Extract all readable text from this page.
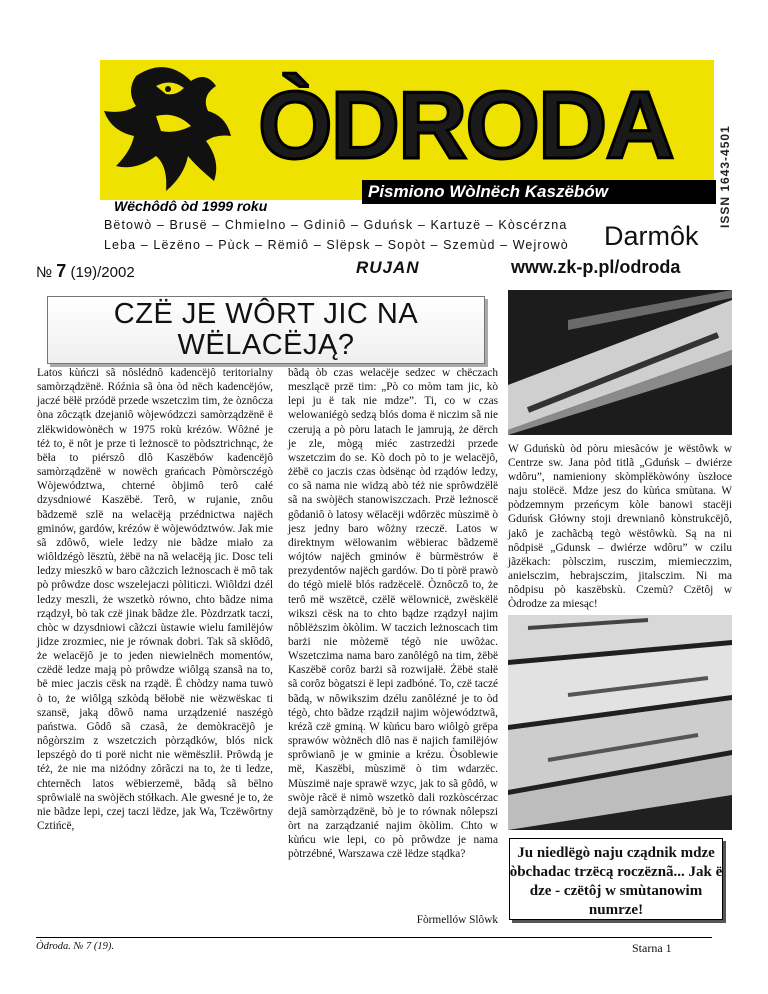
ÒDRODA	ISSN 1643-4501
Pismiono Wòlnëch Kaszëbów
Wëchôdô òd 1999 roku
Bëtowò – Brusë – Chmielno – Gdiniô – Gduńsk – Kartuzë – Kòscérzna
Leba – Lëzëno – Pùck – Rëmiô – Slëpsk – Sopòt – Szemùd – Wejrowò Darmôk
№ 7 (19)/2002	RUJAN	www.zk-p.pl/odroda
CZË JE WÔRT JIC NA
WËLACËJĄ?

Latos kùńczi sã nôslédnô kadencëjô teritorialny samòrządzënë. Róźnia sã òna òd nëch kadencëjów, jaczé bëłë przódë przede wszetczim tim, że òznôcza òna zôczątk dzejaniô wòjewódzczi samòrządzënë ë zlëkwidowònëch w 1975 rokù krézów. Wôżné je téż to, ë nôt je prze ti leżnoscë to pòdsztrichnąc, że bëła to piérszô dlô Kaszëbów kadencëjô samòrządzënë w nowëch grańcach Pòmòrsczégò Wòjewództwa, chterné òbjimô terô całé dzysdniowé Kaszëbë. Terô, w rujanie, znôu bãdzemë szlë na welacëją przédnictwa najëch gminów, gardów, krézów ë wòjewództwów. Jak mie sã zdôwô, wiele ledzy nie bãdze miało za wiôldzégò lësztù, żëbë na nã welacëją jic. Dosc teli ledzy mieszkô w baro cãżczich leżnoscach ë mô tak pò prôwdze dosc wszelejaczi pòliticzi. Wiôldzi dzél ledzy meszli, że wszetkò równo, chto bãdze nima rządzył, bò tak czë jinak bãdze żle. Pòzdrzatk taczi, chòc w dzysdniowi cãżczi ùstawie wielu familëjów jidze zrozmiec, nie je równak dobri. Tak sã skłôdô, że welacëjô je to jeden niewielnëch momentów, czëdë ledze mają pò prôwdze wiôlgą szansã na to, bë miec jaczis cësk na rządë. Ë chòdzy nama tuwò ò to, że wiôlgą szkòdą bëłobë nie wëzwëskac ti szansë, jaką dôwô nama urządzenié naszégò państwa. Gôdô sã czasã, że demòkracëjô je nôgòrszim z wszetczich pòrządków, blós nick lepszégò do ti porë nicht nie wëmëszlił. Prôwdą je téż, że nie ma niżódny zôrãczi na to, że ti ledze, chterněch latos wëbierzemë, bãdą sã bëlno sprôwialë na swòjëch stółkach. Ale gwesné je to, że nie bãdze lepi, czej taczi lëdze, jak Wa, Tczëwôrtny Cztińcë,

bãdą òb czas welacëje sedzec w chëczach meszlącë przë tim: „Pò co mòm tam jic, kò lepi ju ë tak nie mdze”. Ti, co w czas welowaniégò sedzą blós doma ë niczim sã nie czerują a pò pòru latach le jamrują, że dërch je zle, mògą miéc zastrzedżi przede wszetczim do se. Kò doch pò to je welacëjô, żëbë co jaczis czas òdsënąc òd rządów ledzy, co sã nama nie widzą abò téż nie sprôwdzëlë sã na swòjëch stanowiszczach. Przë leżnoscë gôdaniô ò latosy wëlacëji wdôrzëc mùszimë ò jesz jedny baro wôżny rzeczë. Latos w direktnym wëlowanim wëbierac bãdzemë wójtów najëch gminów ë bùrmëstrów ë prezydentów najëch gardów. Do ti pòrë prawò do tégò mielë blós radzëcelë. Òznôczô to, że terô më wszëtcë, czëlë wëlownicë, zwëskëlë wikszi cësk na to chto bądze rządzył najim nôblëższim òkòlim. W taczich leżnoscach tim barżi nie mòżemë tégò nie uwôżac. Wszetczima nama baro zanôlégô na tim, żëbë Kaszëbë corôz barżi sã rozwijałë. Żëbë stałë sã corôz bògatszi ë lepi zadbóné. To, czë taczé bãdą, w nôwikszim dzélu zanôlézné je to òd tégò, chto bãdze rządził najim wòjewództwã, krézã czë gminą. W kùńcu baro wiôlgò grëpa sprawów wòżnëch dlô nas ë najich familëjów sprôwianô je w gminie a krézu. Òsoblewie më, Kaszëbi, mùszimë ò tim wdarzëc. Mùszimë naje sprawë wzyc, jak to sã gôdô, w swòje rãcë ë nimò wszetkò dali rozkòscérzac dejã samòrządzënë, bò je to równak nôlepszi òrt na zarządzanié najim òkòlim. Chto w kùńcu wie lepi, co pò prôwdze je nama pòtrzébné, Warszawa czë lëdze stądka?

Fòrmellów Slôwk
W Gduńskù òd pòru miesãców je wëstôwk w Centrze sw. Jana pòd titlã „Gduńsk – dwiérze wdôru”, namieniony skòmplëkòwóny ùszłoce naju stolëcë. Mdze jesz do kùńca smùtana. W pòdzemnym przeńcym kòle banowi stacëji Gduńsk Główny stoji drewnianô kònstrukcëjô, jakô je zachãcbą tegò wëstôwkù. Są na ni nôdpisë „Gdunsk – dwiérze wdôru” w czilu jãzëkach: pòlsczim, rusczim, miemieczzim, anielsczim, hebrajsczim, jitalsczim. Ni ma nôdpisu pò kaszëbskù. Czemù? Czëtôj w Òdrodze za miesąc!
Ju niedlëgò naju cządnik mdze òbchadac trzëcą roczëznã... Jak ë dze - czëtôj w smùtanowim numrze!
Òdroda. № 7 (19).	Starna 1
